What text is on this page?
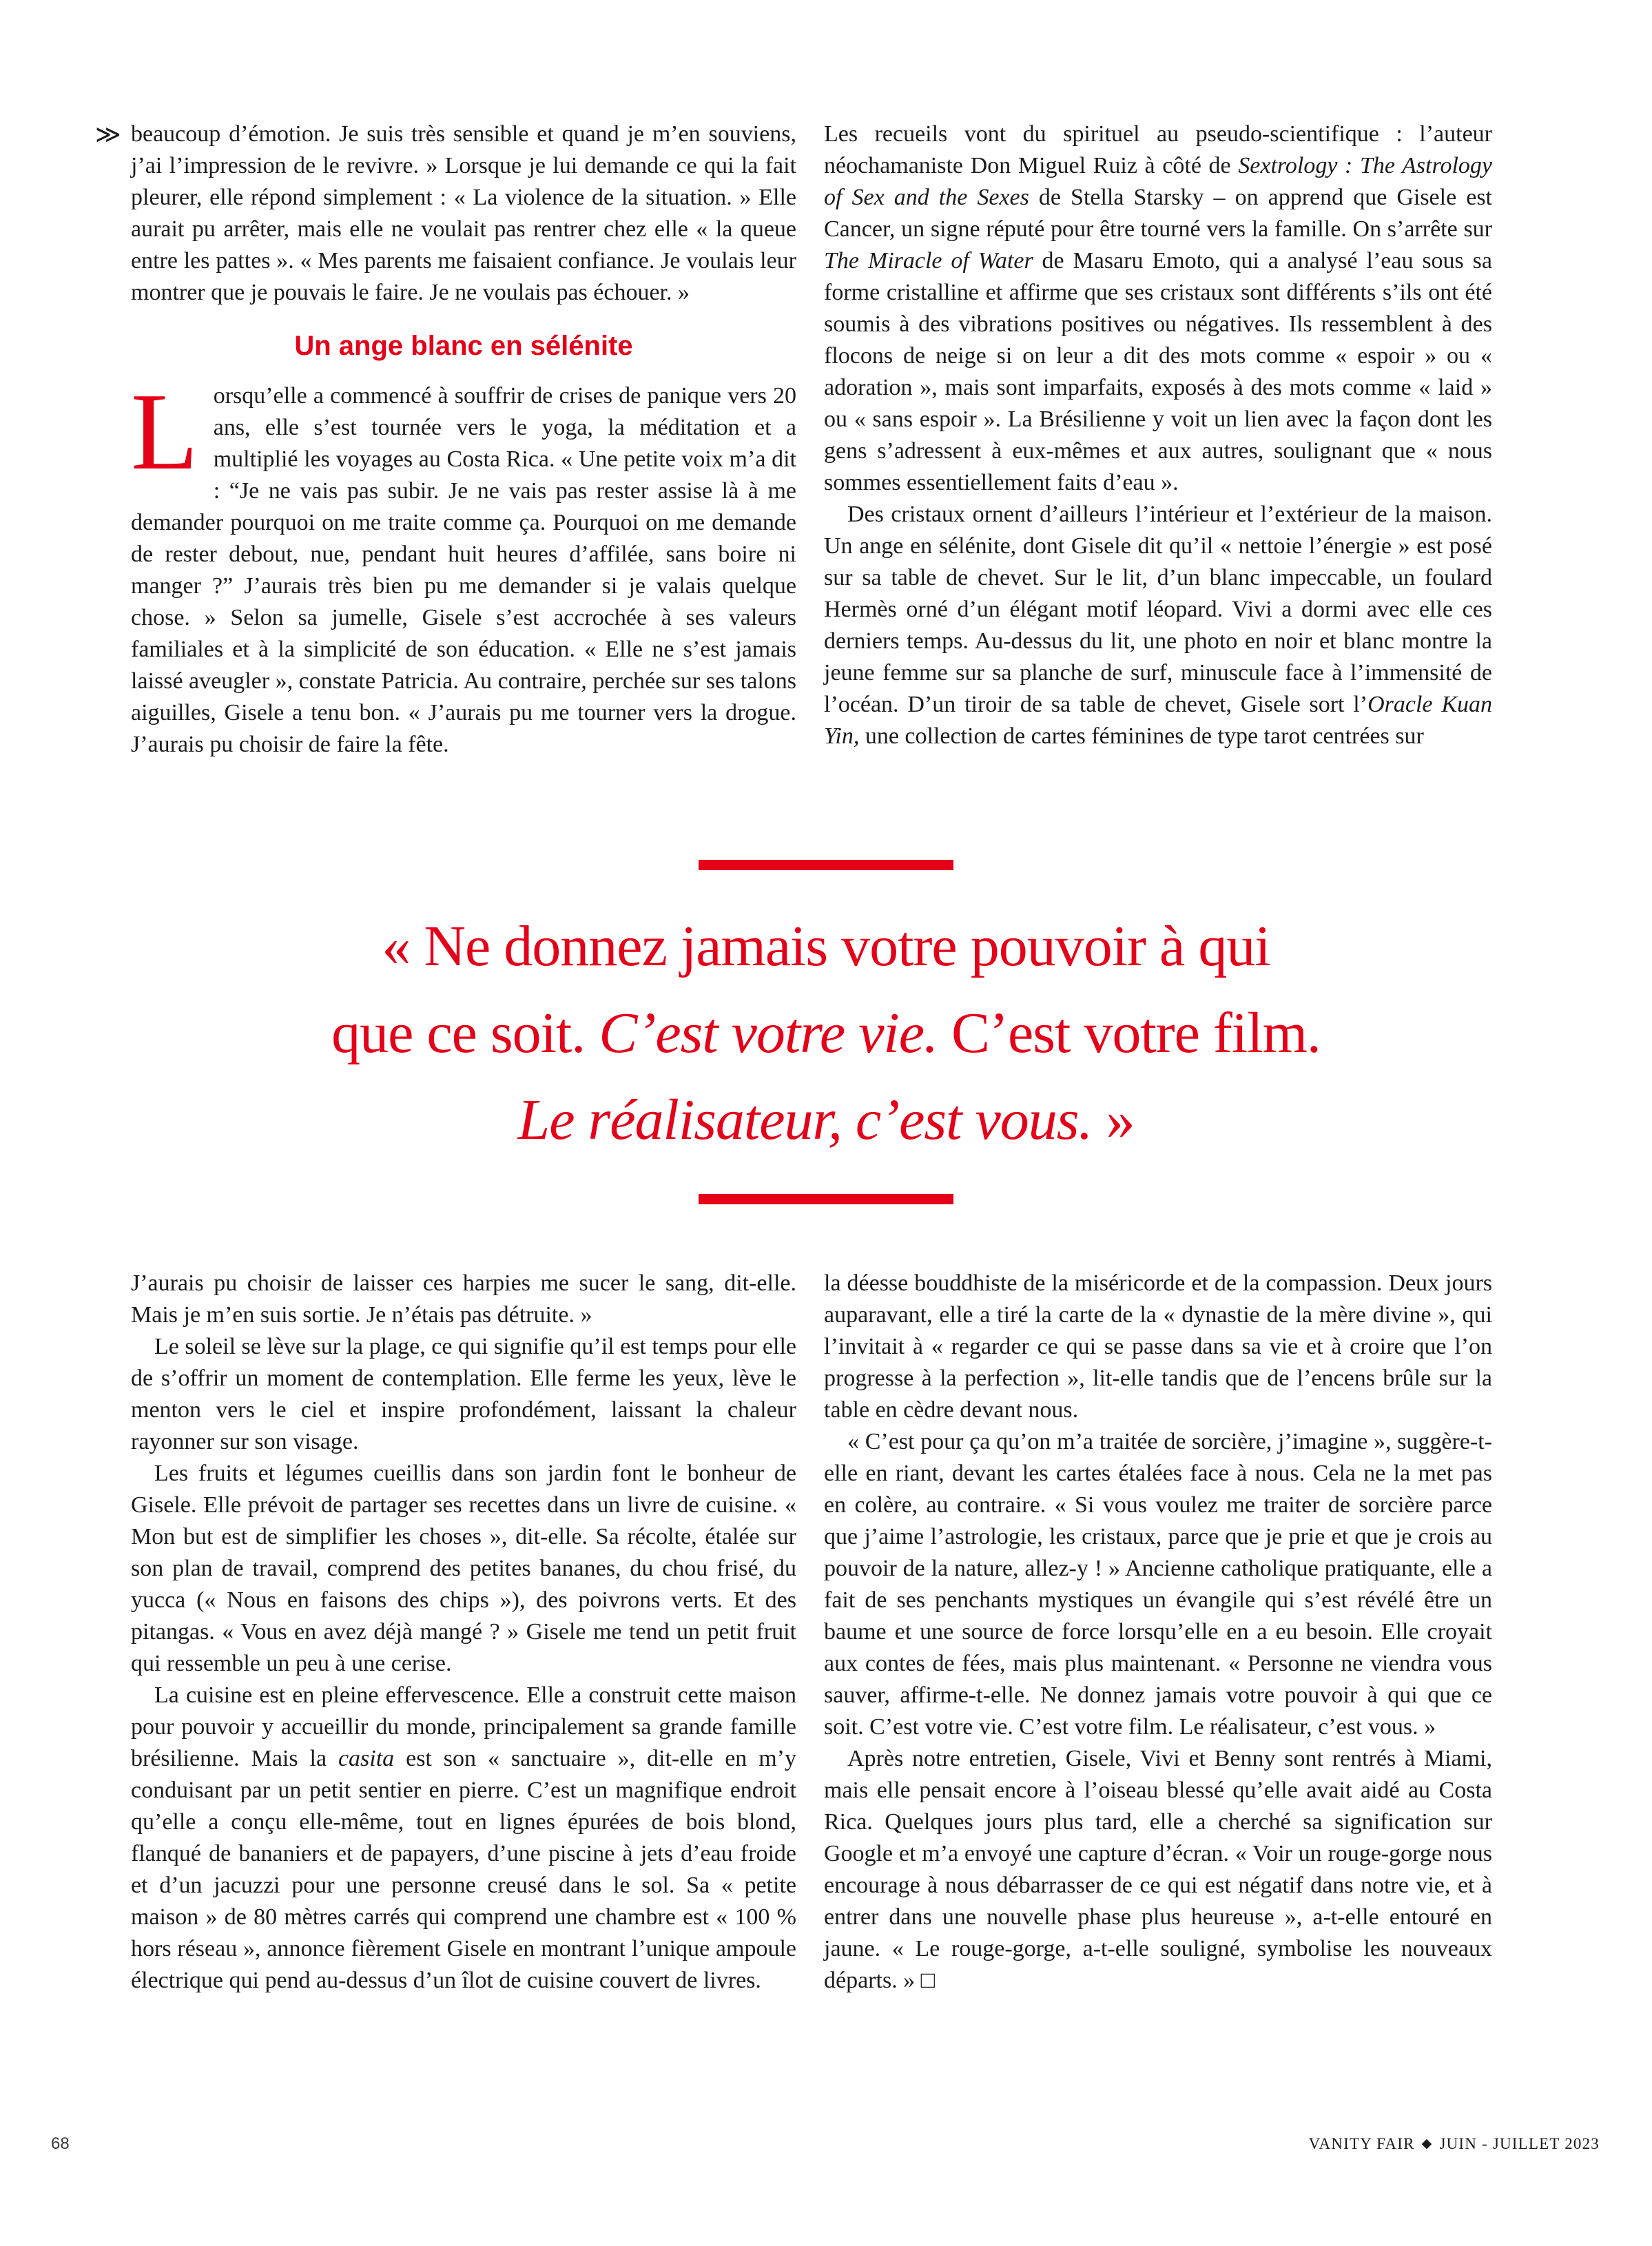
≫ beaucoup d’émotion. Je suis très sensible et quand je m’en souviens, j’ai l’impression de le revivre. » Lorsque je lui demande ce qui la fait pleurer, elle répond simplement : « La violence de la situation. » Elle aurait pu arrêter, mais elle ne voulait pas rentrer chez elle « la queue entre les pattes ». « Mes parents me faisaient confiance. Je voulais leur montrer que je pouvais le faire. Je ne voulais pas échouer. »

Un ange blanc en sélénite

Lorsqu’elle a commencé à souffrir de crises de panique vers 20 ans, elle s’est tournée vers le yoga, la méditation et a multiplié les voyages au Costa Rica. « Une petite voix m’a dit : “Je ne vais pas subir. Je ne vais pas rester assise là à me demander pourquoi on me traite comme ça. Pourquoi on me demande de rester debout, nue, pendant huit heures d’affilée, sans boire ni manger ?” J’aurais très bien pu me demander si je valais quelque chose. » Selon sa jumelle, Gisele s’est accrochée à ses valeurs familiales et à la simplicité de son éducation. « Elle ne s’est jamais laissé aveugler », constate Patricia. Au contraire, perchée sur ses talons aiguilles, Gisele a tenu bon. « J’aurais pu me tourner vers la drogue. J’aurais pu choisir de faire la fête.

Les recueils vont du spirituel au pseudo-scientifique : l’auteur néochamaniste Don Miguel Ruiz à côté de Sextrology : The Astrology of Sex and the Sexes de Stella Starsky – on apprend que Gisele est Cancer, un signe réputé pour être tourné vers la famille. On s’arrête sur The Miracle of Water de Masaru Emoto, qui a analysé l’eau sous sa forme cristalline et affirme que ses cristaux sont différents s’ils ont été soumis à des vibrations positives ou négatives. Ils ressemblent à des flocons de neige si on leur a dit des mots comme « espoir » ou « adoration », mais sont imparfaits, exposés à des mots comme « laid » ou « sans espoir ». La Brésilienne y voit un lien avec la façon dont les gens s’adressent à eux-mêmes et aux autres, soulignant que « nous sommes essentiellement faits d’eau ».

Des cristaux ornent d’ailleurs l’intérieur et l’extérieur de la maison. Un ange en sélénite, dont Gisele dit qu’il « nettoie l’énergie » est posé sur sa table de chevet. Sur le lit, d’un blanc impeccable, un foulard Hermès orné d’un élégant motif léopard. Vivi a dormi avec elle ces derniers temps. Au-dessus du lit, une photo en noir et blanc montre la jeune femme sur sa planche de surf, minuscule face à l’immensité de l’océan. D’un tiroir de sa table de chevet, Gisele sort l’Oracle Kuan Yin, une collection de cartes féminines de type tarot centrées sur

« Ne donnez jamais votre pouvoir à qui
que ce soit. C’est votre vie. C’est votre film.
Le réalisateur, c’est vous. »

J’aurais pu choisir de laisser ces harpies me sucer le sang, dit-elle. Mais je m’en suis sortie. Je n’étais pas détruite. »

Le soleil se lève sur la plage, ce qui signifie qu’il est temps pour elle de s’offrir un moment de contemplation. Elle ferme les yeux, lève le menton vers le ciel et inspire profondément, laissant la chaleur rayonner sur son visage.

Les fruits et légumes cueillis dans son jardin font le bonheur de Gisele. Elle prévoit de partager ses recettes dans un livre de cuisine. « Mon but est de simplifier les choses », dit-elle. Sa récolte, étalée sur son plan de travail, comprend des petites bananes, du chou frisé, du yucca (« Nous en faisons des chips »), des poivrons verts. Et des pitangas. « Vous en avez déjà mangé ? » Gisele me tend un petit fruit qui ressemble un peu à une cerise.

La cuisine est en pleine effervescence. Elle a construit cette maison pour pouvoir y accueillir du monde, principalement sa grande famille brésilienne. Mais la casita est son « sanctuaire », dit-elle en m’y conduisant par un petit sentier en pierre. C’est un magnifique endroit qu’elle a conçu elle-même, tout en lignes épurées de bois blond, flanqué de bananiers et de papayers, d’une piscine à jets d’eau froide et d’un jacuzzi pour une personne creusé dans le sol. Sa « petite maison » de 80 mètres carrés qui comprend une chambre est « 100 % hors réseau », annonce fièrement Gisele en montrant l’unique ampoule électrique qui pend au-dessus d’un îlot de cuisine couvert de livres.

la déesse bouddhiste de la miséricorde et de la compassion. Deux jours auparavant, elle a tiré la carte de la « dynastie de la mère divine », qui l’invitait à « regarder ce qui se passe dans sa vie et à croire que l’on progresse à la perfection », lit-elle tandis que de l’encens brûle sur la table en cèdre devant nous.

« C’est pour ça qu’on m’a traitée de sorcière, j’imagine », suggère-t-elle en riant, devant les cartes étalées face à nous. Cela ne la met pas en colère, au contraire. « Si vous voulez me traiter de sorcière parce que j’aime l’astrologie, les cristaux, parce que je prie et que je crois au pouvoir de la nature, allez-y ! » Ancienne catholique pratiquante, elle a fait de ses penchants mystiques un évangile qui s’est révélé être un baume et une source de force lorsqu’elle en a eu besoin. Elle croyait aux contes de fées, mais plus maintenant. « Personne ne viendra vous sauver, affirme-t-elle. Ne donnez jamais votre pouvoir à qui que ce soit. C’est votre vie. C’est votre film. Le réalisateur, c’est vous. »

Après notre entretien, Gisele, Vivi et Benny sont rentrés à Miami, mais elle pensait encore à l’oiseau blessé qu’elle avait aidé au Costa Rica. Quelques jours plus tard, elle a cherché sa signification sur Google et m’a envoyé une capture d’écran. « Voir un rouge-gorge nous encourage à nous débarrasser de ce qui est négatif dans notre vie, et à entrer dans une nouvelle phase plus heureuse », a-t-elle entouré en jaune. « Le rouge-gorge, a-t-elle souligné, symbolise les nouveaux départs. » □

68	VANITY FAIR ◆ JUIN - JUILLET 2023
